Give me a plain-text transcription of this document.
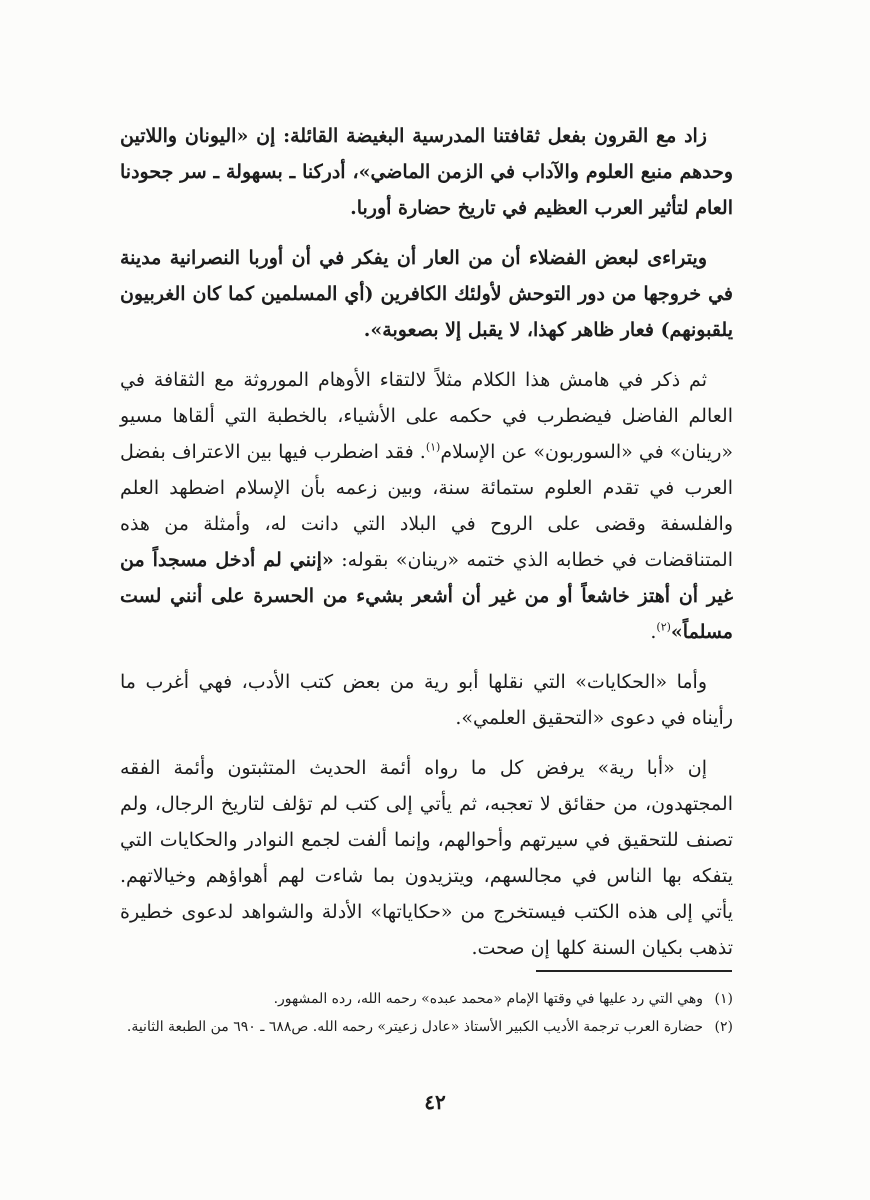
زاد مع القرون بفعل ثقافتنا المدرسية البغيضة القائلة: إن «اليونان واللاتين وحدهم منبع العلوم والآداب في الزمن الماضي»، أدركنا ـ بسهولة ـ سر جحودنا العام لتأثير العرب العظيم في تاريخ حضارة أوربا.

ويتراءى لبعض الفضلاء أن من العار أن يفكر في أن أوربا النصرانية مدينة في خروجها من دور التوحش لأولئك الكافرين (أي المسلمين كما كان الغربيون يلقبونهم) فعار ظاهر كهذا، لا يقبل إلا بصعوبة».

ثم ذكر في هامش هذا الكلام مثلاً لالتقاء الأوهام الموروثة مع الثقافة في العالم الفاضل فيضطرب في حكمه على الأشياء، بالخطبة التي ألقاها مسيو «رينان» في «السوربون» عن الإسلام$^{(١)}$. فقد اضطرب فيها بين الاعتراف بفضل العرب في تقدم العلوم ستمائة سنة، وبين زعمه بأن الإسلام اضطهد العلم والفلسفة وقضى على الروح في البلاد التي دانت له، وأمثلة من هذه المتناقضات في خطابه الذي ختمه «رينان» بقوله: «إنني لم أدخل مسجداً من غير أن أهتز خاشعاً أو من غير أن أشعر بشيء من الحسرة على أنني لست مسلماً»$^{(٢)}$.

وأما «الحكايات» التي نقلها أبو رية من بعض كتب الأدب، فهي أغرب ما رأيناه في دعوى «التحقيق العلمي».

إن «أبا رية» يرفض كل ما رواه أئمة الحديث المتثبتون وأئمة الفقه المجتهدون، من حقائق لا تعجبه، ثم يأتي إلى كتب لم تؤلف لتاريخ الرجال، ولم تصنف للتحقيق في سيرتهم وأحوالهم، وإنما ألفت لجمع النوادر والحكايات التي يتفكه بها الناس في مجالسهم، ويتزيدون بما شاءت لهم أهواؤهم وخيالاتهم. يأتي إلى هذه الكتب فيستخرج من «حكاياتها» الأدلة والشواهد لدعوى خطيرة تذهب بكيان السنة كلها إن صحت.

(١)
وهي التي رد عليها في وقتها الإمام «محمد عبده» رحمه الله، رده المشهور.
(٢)
حضارة العرب ترجمة الأديب الكبير الأستاذ «عادل زعيتر» رحمه الله. ص٦٨٨ ـ ٦٩٠ من الطبعة الثانية.
٤٢
